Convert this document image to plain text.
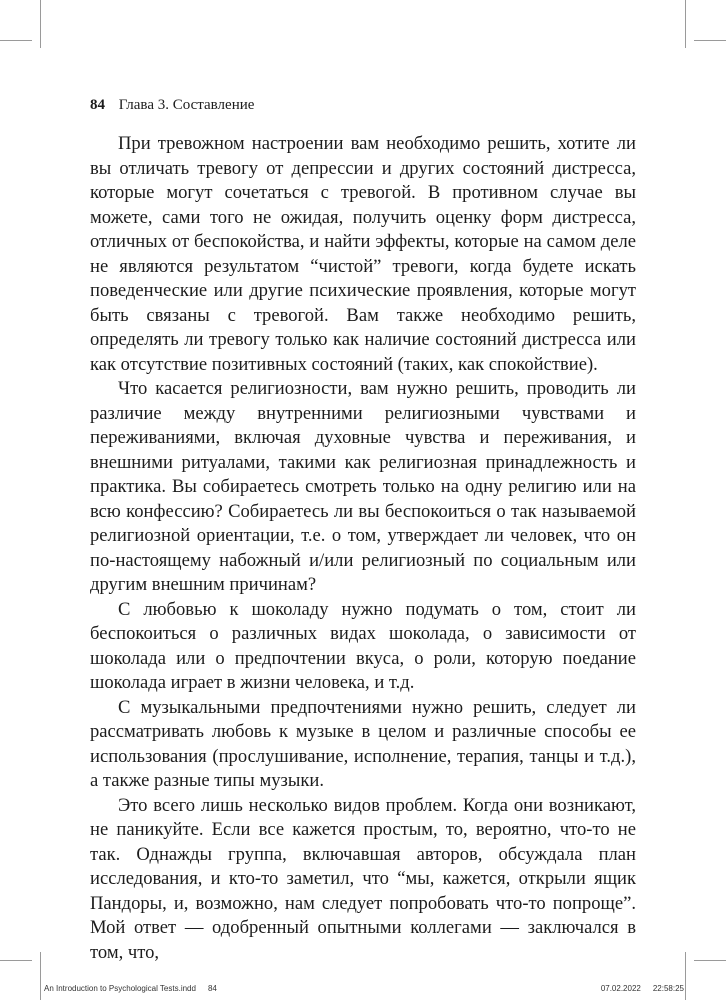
84 Глава 3. Составление

При тревожном настроении вам необходимо решить, хотите ли вы отличать тревогу от депрессии и других состояний дистресса, которые могут сочетаться с тревогой. В противном случае вы можете, сами того не ожидая, получить оценку форм дистресса, отличных от беспокойства, и найти эффекты, которые на самом деле не являются результатом “чистой” тревоги, когда будете искать поведенческие или другие психические проявления, которые могут быть связаны с тревогой. Вам также необходимо решить, определять ли тревогу только как наличие состояний дистресса или как отсутствие позитивных состояний (таких, как спокойствие).

Что касается религиозности, вам нужно решить, проводить ли различие между внутренними религиозными чувствами и переживаниями, включая духовные чувства и переживания, и внешними ритуалами, такими как религиозная принадлежность и практика. Вы собираетесь смотреть только на одну религию или на всю конфессию? Собираетесь ли вы беспокоиться о так называемой религиозной ориентации, т.е. о том, утверждает ли человек, что он по-настоящему набожный и/или религиозный по социальным или другим внешним причинам?

С любовью к шоколаду нужно подумать о том, стоит ли беспокоиться о различных видах шоколада, о зависимости от шоколада или о предпочтении вкуса, о роли, которую поедание шоколада играет в жизни человека, и т.д.

С музыкальными предпочтениями нужно решить, следует ли рассматривать любовь к музыке в целом и различные способы ее использования (прослушивание, исполнение, терапия, танцы и т.д.), а также разные типы музыки.

Это всего лишь несколько видов проблем. Когда они возникают, не паникуйте. Если все кажется простым, то, вероятно, что-то не так. Однажды группа, включавшая авторов, обсуждала план исследования, и кто-то заметил, что “мы, кажется, открыли ящик Пандоры, и, возможно, нам следует попробовать что-то попроще”. Мой ответ — одобренный опытными коллегами — заключался в том, что,

An Introduction to Psychological Tests.indd 84	07.02.2022 22:58:25
